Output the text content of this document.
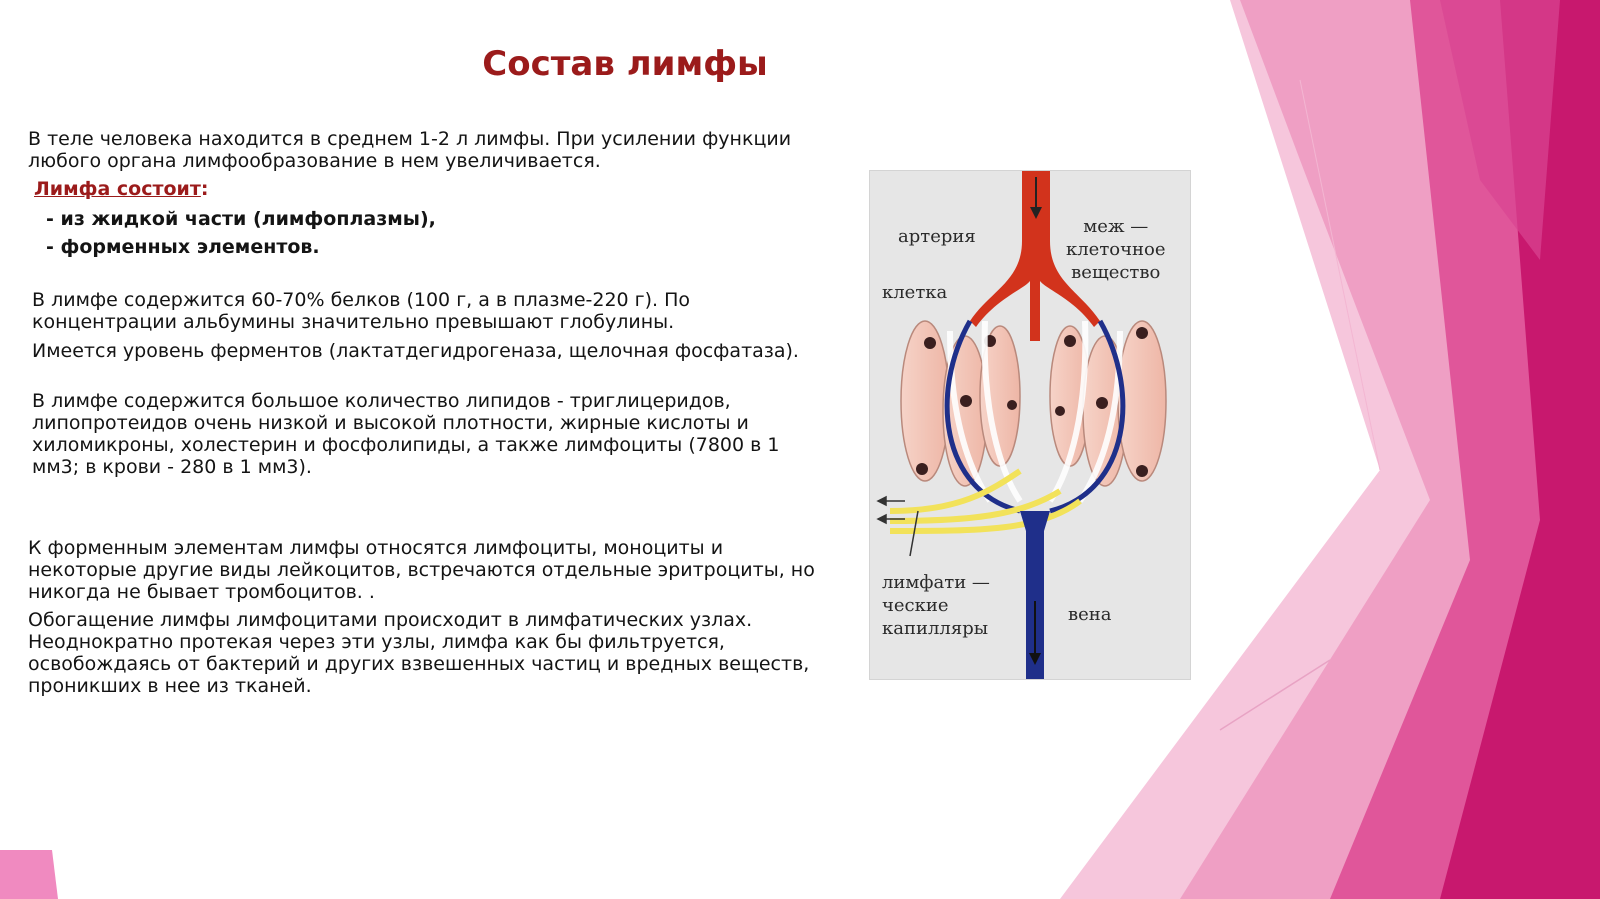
Состав лимфы

В теле человека находится в среднем 1-2 л лимфы. При усилении функции любого органа лимфообразование в нем увеличивается.

Лимфа состоит:
- из жидкой части (лимфоплазмы),
- форменных элементов.

В лимфе содержится 60-70% белков (100 г, а в плазме-220 г). По концентрации альбумины значительно превышают глобулины.

Имеется уровень ферментов (лактатдегидрогеназа, щелочная фосфатаза).

В лимфе содержится большое количество липидов - триглицеридов, липопротеидов очень низкой и высокой плотности, жирные кислоты и хиломикроны, холестерин и фосфолипиды, а также лимфоциты (7800 в 1 мм3; в крови - 280 в 1 мм3).

К форменным элементам лимфы относятся лимфоциты, моноциты и некоторые другие виды лейкоцитов, встречаются отдельные эритроциты, но никогда не бывает тромбоцитов. .

Обогащение лимфы лимфоцитами происходит в лимфатических узлах. Неоднократно протекая через эти узлы, лимфа как бы фильтруется, освобождаясь от бактерий и других взвешенных частиц и вредных веществ, проникших в нее из тканей.

артерия	меж —
клеточное
вещество
клетка
лимфати —
ческие
капилляры
вена
